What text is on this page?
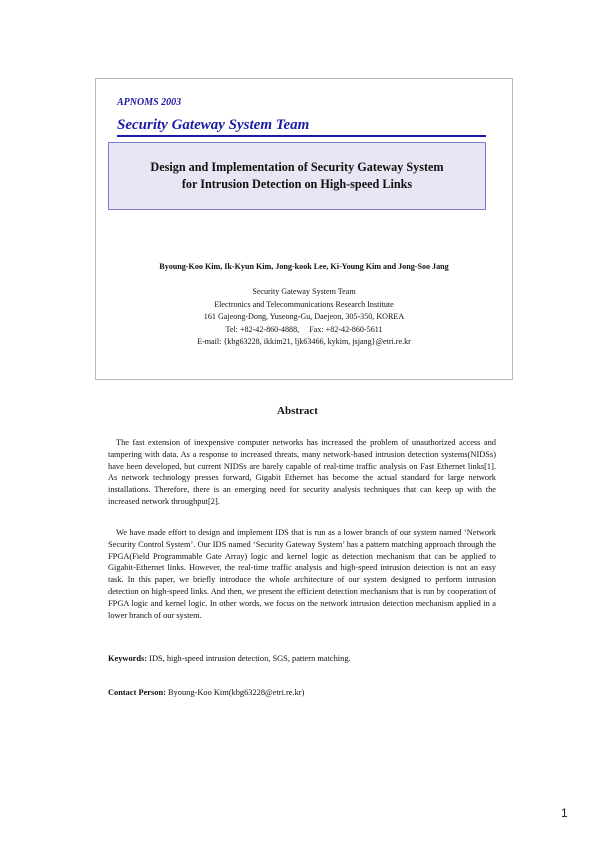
APNOMS 2003
Security Gateway System Team
Design and Implementation of Security Gateway System
for Intrusion Detection on High-speed Links
Byoung-Koo Kim, Ik-Kyun Kim, Jong-kook Lee, Ki-Young Kim and Jong-Soo Jang
Security Gateway System Team
Electronics and Telecommunications Research Institute
161 Gajeong-Dong, Yuseong-Gu, Daejeon, 305-350, KOREA
Tel: +82-42-860-4888,     Fax: +82-42-860-5611
E-mail: {kbg63228, ikkim21, ljk63466, kykim, jsjang}@etri.re.kr
Abstract

The fast extension of inexpensive computer networks has increased the problem of unauthorized access and tampering with data. As a response to increased threats, many network-based intrusion detection systems(NIDSs) have been developed, but current NIDSs are barely capable of real-time traffic analysis on Fast Ethernet links[1]. As network technology presses forward, Gigabit Ethernet has become the actual standard for large network installations. Therefore, there is an emerging need for security analysis techniques that can keep up with the increased network throughput[2].

We have made effort to design and implement IDS that is run as a lower branch of our system named ‘Network Security Control System’. Our IDS named ‘Security Gateway System’ has a pattern matching approach through the FPGA(Field Programmable Gate Array) logic and kernel logic as detection mechanism that can be applied to Gigabit-Ethernet links. However, the real-time traffic analysis and high-speed intrusion detection is not an easy task. In this paper, we briefly introduce the whole architecture of our system designed to perform intrusion detection on high-speed links. And then, we present the efficient detection mechanism that is run by cooperation of FPGA logic and kernel logic. In other words, we focus on the network intrusion detection mechanism applied in a lower branch of our system.

Keywords: IDS, high-speed intrusion detection, SGS, pattern matching.
Contact Person: Byoung-Koo Kim(kbg63228@etri.re.kr)
1
